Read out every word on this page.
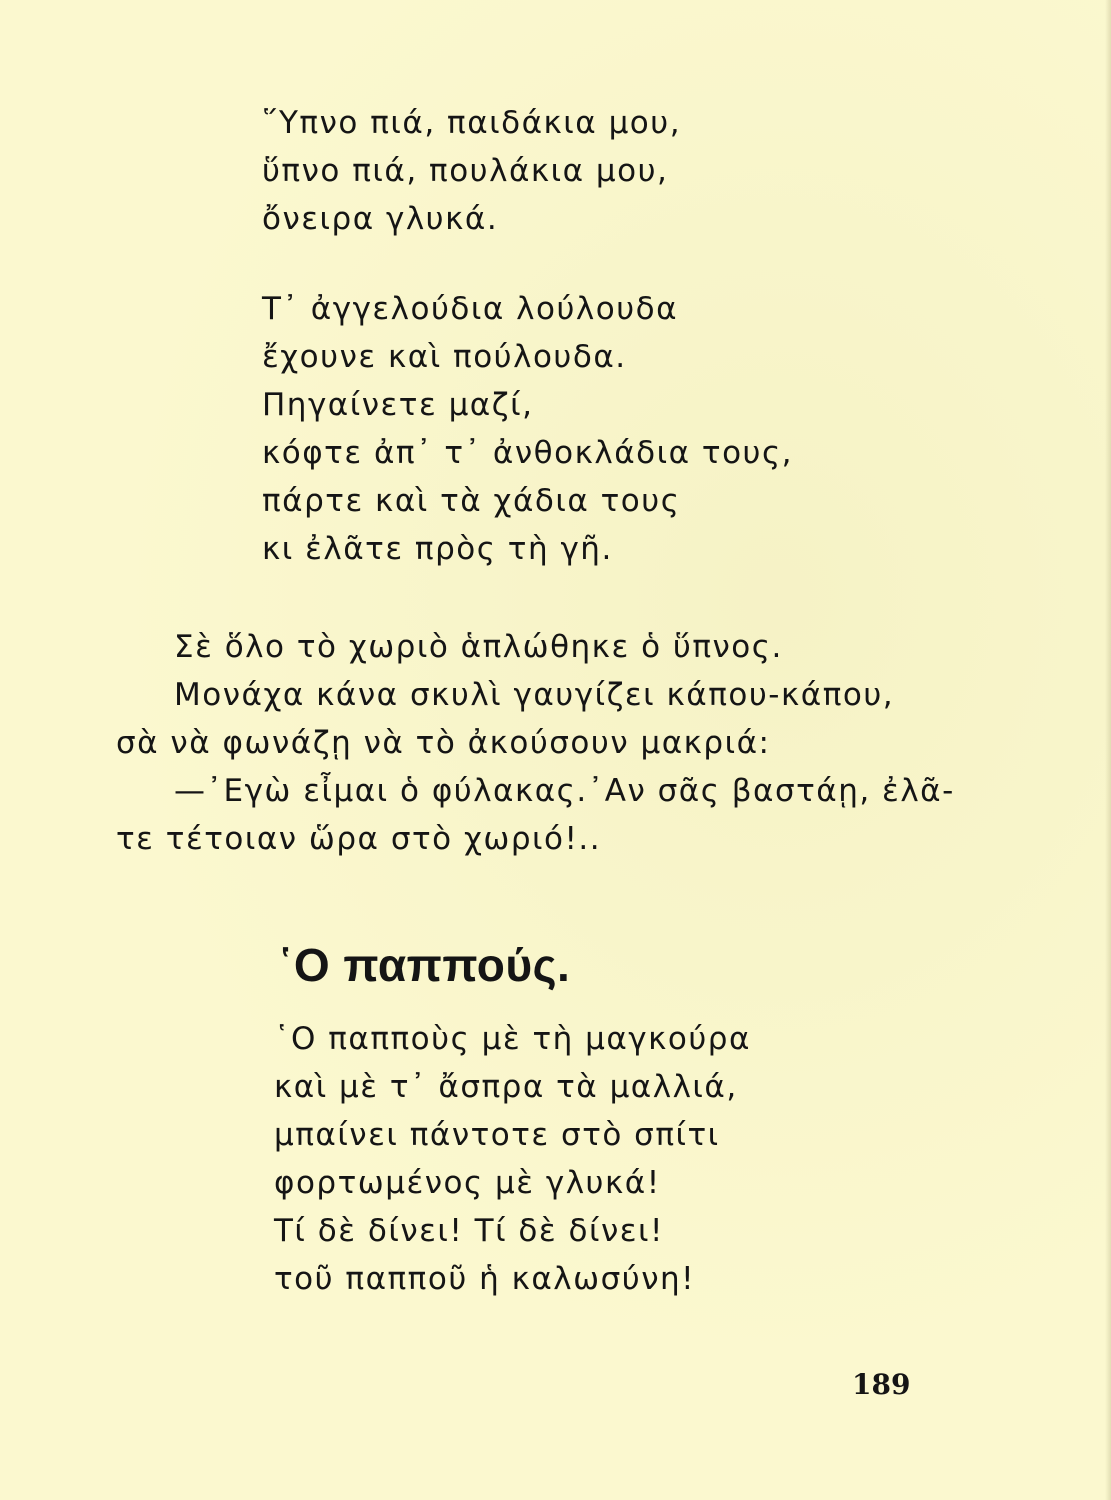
῞Υπνο πιά, παιδάκια μου,
ὕπνο πιά, πουλάκια μου,
ὄνειρα γλυκά.
Τ᾽ ἀγγελούδια λούλουδα
ἔχουνε καὶ πούλουδα.
Πηγαίνετε μαζί,
κόφτε ἀπ᾽ τ᾽ ἀνθοκλάδια τους,
πάρτε καὶ τὰ χάδια τους
κι ἐλᾶτε πρὸς τὴ γῆ.
Σὲ ὅλο τὸ χωριὸ ἁπλώθηκε ὁ ὕπνος.
Μονάχα κάνα σκυλὶ γαυγίζει κάπου-κάπου,
σὰ νὰ φωνάζῃ νὰ τὸ ἀκούσουν μακριά:
—᾽Εγὼ εἶμαι ὁ φύλακας.᾽Αν σᾶς βαστάῃ, ἐλᾶ-
τε τέτοιαν ὥρα στὸ χωριό!..
῾Ο παππούς.
῾Ο παπποὺς μὲ τὴ μαγκούρα
καὶ μὲ τ᾽ ἄσπρα τὰ μαλλιά,
μπαίνει πάντοτε στὸ σπίτι
φορτωμένος μὲ γλυκά!
Τί δὲ δίνει! Τί δὲ δίνει!
τοῦ παπποῦ ἡ καλωσύνη!
189
